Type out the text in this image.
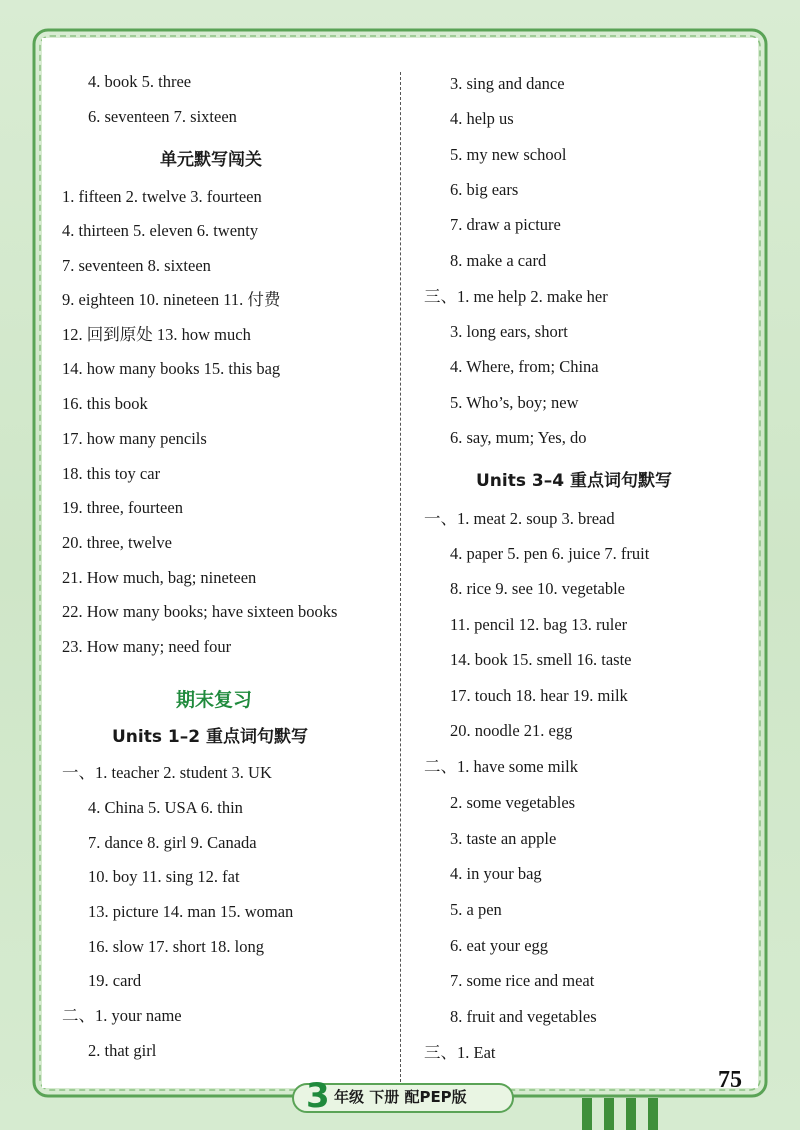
4. book 5. three
6. seventeen 7. sixteen
单元默写闯关
1. fifteen 2. twelve 3. fourteen
4. thirteen 5. eleven 6. twenty
7. seventeen 8. sixteen
9. eighteen 10. nineteen 11. 付费
12. 回到原处 13. how much
14. how many books 15. this bag
16. this book
17. how many pencils
18. this toy car
19. three, fourteen
20. three, twelve
21. How much, bag; nineteen
22. How many books; have sixteen books
23. How many; need four
期末复习
Units 1–2 重点词句默写
一、1. teacher 2. student 3. UK
4. China 5. USA 6. thin
7. dance 8. girl 9. Canada
10. boy 11. sing 12. fat
13. picture 14. man 15. woman
16. slow 17. short 18. long
19. card
二、1. your name
2. that girl
3. sing and dance
4. help us
5. my new school
6. big ears
7. draw a picture
8. make a card
三、1. me help 2. make her
3. long ears, short
4. Where, from; China
5. Who’s, boy; new
6. say, mum; Yes, do
Units 3–4 重点词句默写
一、1. meat 2. soup 3. bread
4. paper 5. pen 6. juice 7. fruit
8. rice 9. see 10. vegetable
11. pencil 12. bag 13. ruler
14. book 15. smell 16. taste
17. touch 18. hear 19. milk
20. noodle 21. egg
二、1. have some milk
2. some vegetables
3. taste an apple
4. in your bag
5. a pen
6. eat your egg
7. some rice and meat
8. fruit and vegetables
三、1. Eat
3 年级 下册 配PEP版
75
